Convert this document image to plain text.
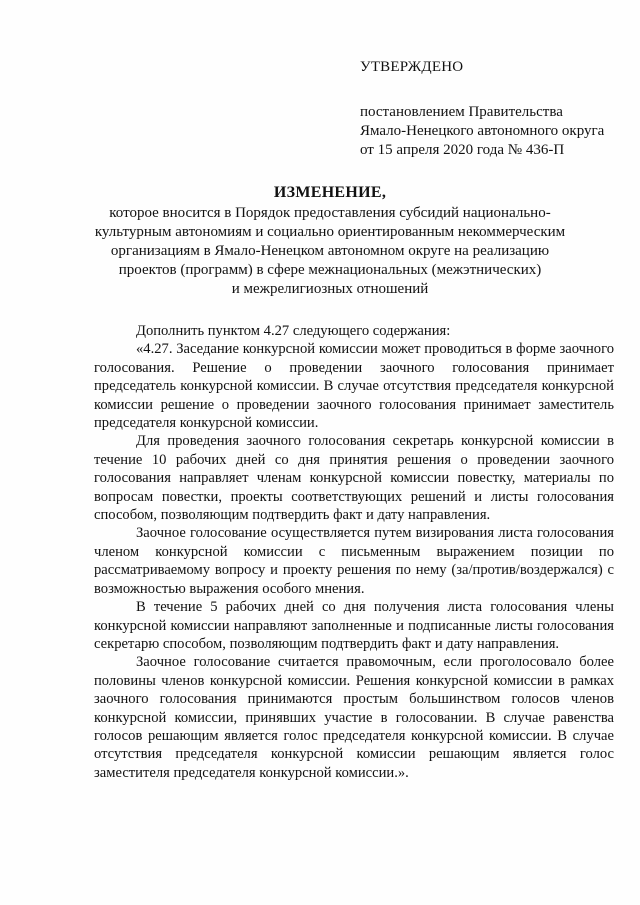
УТВЕРЖДЕНО
постановлением Правительства
Ямало-Ненецкого автономного округа
от 15 апреля 2020 года № 436-П
ИЗМЕНЕНИЕ,
которое вносится в Порядок предоставления субсидий национально-
культурным автономиям и социально ориентированным некоммерческим
организациям в Ямало-Ненецком автономном округе на реализацию
проектов (программ) в сфере межнациональных (межэтнических)
и межрелигиозных отношений

Дополнить пунктом 4.27 следующего содержания:

«4.27. Заседание конкурсной комиссии может проводиться в форме заочного голосования. Решение о проведении заочного голосования принимает председатель конкурсной комиссии. В случае отсутствия председателя конкурсной комиссии решение о проведении заочного голосования принимает заместитель председателя конкурсной комиссии.

Для проведения заочного голосования секретарь конкурсной комиссии в течение 10 рабочих дней со дня принятия решения о проведении заочного голосования направляет членам конкурсной комиссии повестку, материалы по вопросам повестки, проекты соответствующих решений и листы голосования способом, позволяющим подтвердить факт и дату направления.

Заочное голосование осуществляется путем визирования листа голосования членом конкурсной комиссии с письменным выражением позиции по рассматриваемому вопросу и проекту решения по нему (за/против/воздержался) с возможностью выражения особого мнения.

В течение 5 рабочих дней со дня получения листа голосования члены конкурсной комиссии направляют заполненные и подписанные листы голосования секретарю способом, позволяющим подтвердить факт и дату направления.

Заочное голосование считается правомочным, если проголосовало более половины членов конкурсной комиссии. Решения конкурсной комиссии в рамках заочного голосования принимаются простым большинством голосов членов конкурсной комиссии, принявших участие в голосовании. В случае равенства голосов решающим является голос председателя конкурсной комиссии. В случае отсутствия председателя конкурсной комиссии решающим является голос заместителя председателя конкурсной комиссии.».
